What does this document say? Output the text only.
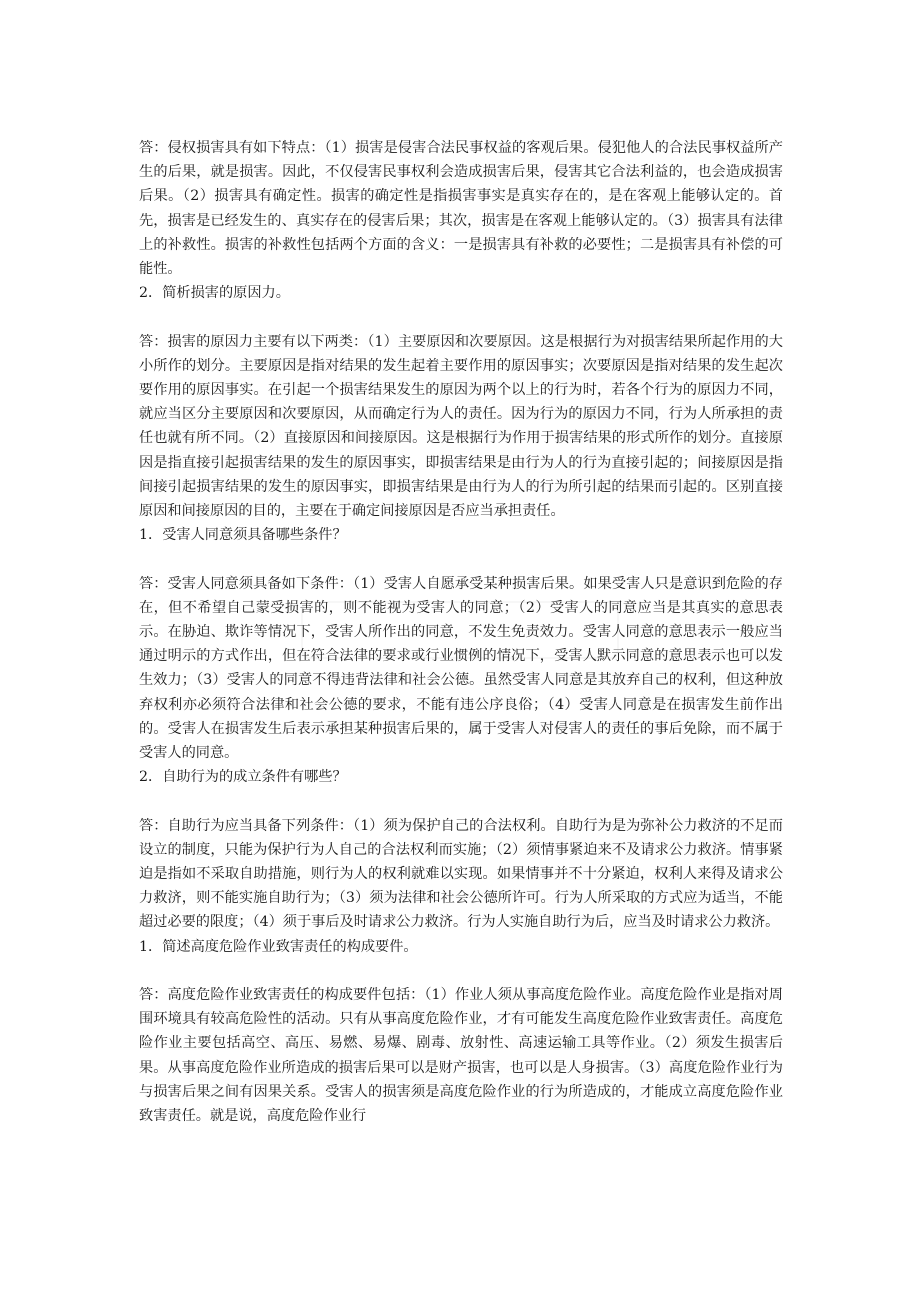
答：侵权损害具有如下特点：（1）损害是侵害合法民事权益的客观后果。侵犯他人的合法民事权益所产生的后果，就是损害。因此，不仅侵害民事权利会造成损害后果，侵害其它合法利益的，也会造成损害后果。（2）损害具有确定性。损害的确定性是指损害事实是真实存在的，是在客观上能够认定的。首先，损害是已经发生的、真实存在的侵害后果；其次，损害是在客观上能够认定的。（3）损害具有法律上的补救性。损害的补救性包括两个方面的含义：一是损害具有补救的必要性；二是损害具有补偿的可能性。

2．简析损害的原因力。

答：损害的原因力主要有以下两类：（1）主要原因和次要原因。这是根据行为对损害结果所起作用的大小所作的划分。主要原因是指对结果的发生起着主要作用的原因事实；次要原因是指对结果的发生起次要作用的原因事实。在引起一个损害结果发生的原因为两个以上的行为时，若各个行为的原因力不同，就应当区分主要原因和次要原因，从而确定行为人的责任。因为行为的原因力不同，行为人所承担的责任也就有所不同。（2）直接原因和间接原因。这是根据行为作用于损害结果的形式所作的划分。直接原因是指直接引起损害结果的发生的原因事实，即损害结果是由行为人的行为直接引起的；间接原因是指间接引起损害结果的发生的原因事实，即损害结果是由行为人的行为所引起的结果而引起的。区别直接原因和间接原因的目的，主要在于确定间接原因是否应当承担责任。

1．受害人同意须具备哪些条件？

答：受害人同意须具备如下条件：（1）受害人自愿承受某种损害后果。如果受害人只是意识到危险的存在，但不希望自己蒙受损害的，则不能视为受害人的同意；（2）受害人的同意应当是其真实的意思表示。在胁迫、欺诈等情况下，受害人所作出的同意，不发生免责效力。受害人同意的意思表示一般应当通过明示的方式作出，但在符合法律的要求或行业惯例的情况下，受害人默示同意的意思表示也可以发生效力；（3）受害人的同意不得违背法律和社会公德。虽然受害人同意是其放弃自己的权利，但这种放弃权利亦必须符合法律和社会公德的要求，不能有违公序良俗；（4）受害人同意是在损害发生前作出的。受害人在损害发生后表示承担某种损害后果的，属于受害人对侵害人的责任的事后免除，而不属于受害人的同意。

2．自助行为的成立条件有哪些？

答：自助行为应当具备下列条件：（1）须为保护自己的合法权利。自助行为是为弥补公力救济的不足而设立的制度，只能为保护行为人自己的合法权利而实施；（2）须情事紧迫来不及请求公力救济。情事紧迫是指如不采取自助措施，则行为人的权利就难以实现。如果情事并不十分紧迫，权利人来得及请求公力救济，则不能实施自助行为；（3）须为法律和社会公德所许可。行为人所采取的方式应为适当，不能超过必要的限度；（4）须于事后及时请求公力救济。行为人实施自助行为后，应当及时请求公力救济。

1．简述高度危险作业致害责任的构成要件。

答：高度危险作业致害责任的构成要件包括：（1）作业人须从事高度危险作业。高度危险作业是指对周围环境具有较高危险性的活动。只有从事高度危险作业，才有可能发生高度危险作业致害责任。高度危险作业主要包括高空、高压、易燃、易爆、剧毒、放射性、高速运输工具等作业。（2）须发生损害后果。从事高度危险作业所造成的损害后果可以是财产损害，也可以是人身损害。（3）高度危险作业行为与损害后果之间有因果关系。受害人的损害须是高度危险作业的行为所造成的，才能成立高度危险作业致害责任。就是说，高度危险作业行
